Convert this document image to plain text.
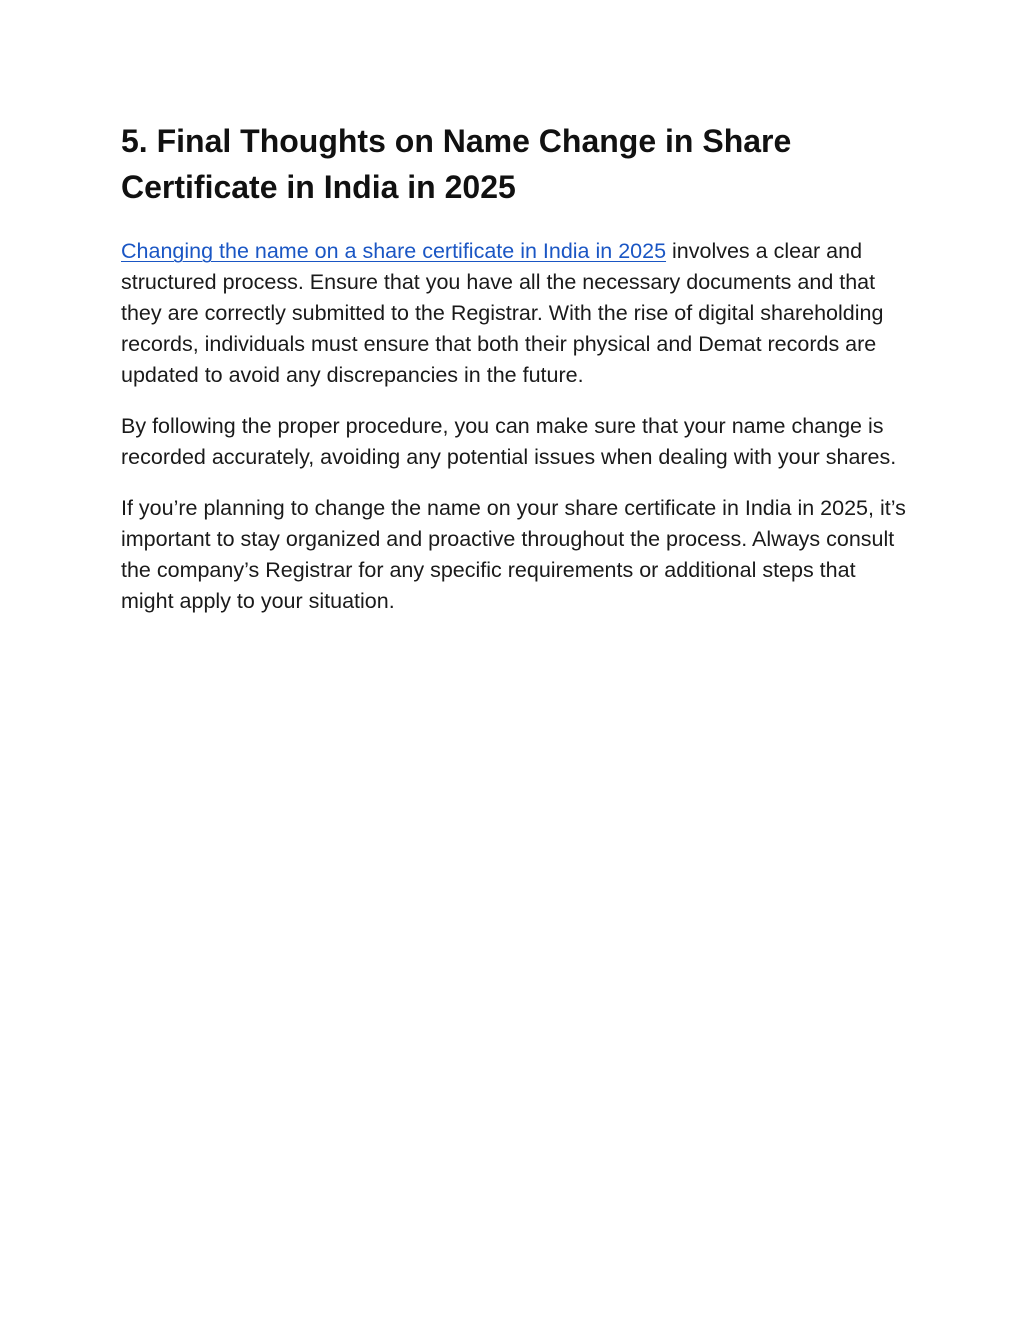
5. Final Thoughts on Name Change in Share Certificate in India in 2025

Changing the name on a share certificate in India in 2025 involves a clear and structured process. Ensure that you have all the necessary documents and that they are correctly submitted to the Registrar. With the rise of digital shareholding records, individuals must ensure that both their physical and Demat records are updated to avoid any discrepancies in the future.

By following the proper procedure, you can make sure that your name change is recorded accurately, avoiding any potential issues when dealing with your shares.

If you’re planning to change the name on your share certificate in India in 2025, it’s important to stay organized and proactive throughout the process. Always consult the company’s Registrar for any specific requirements or additional steps that might apply to your situation.
